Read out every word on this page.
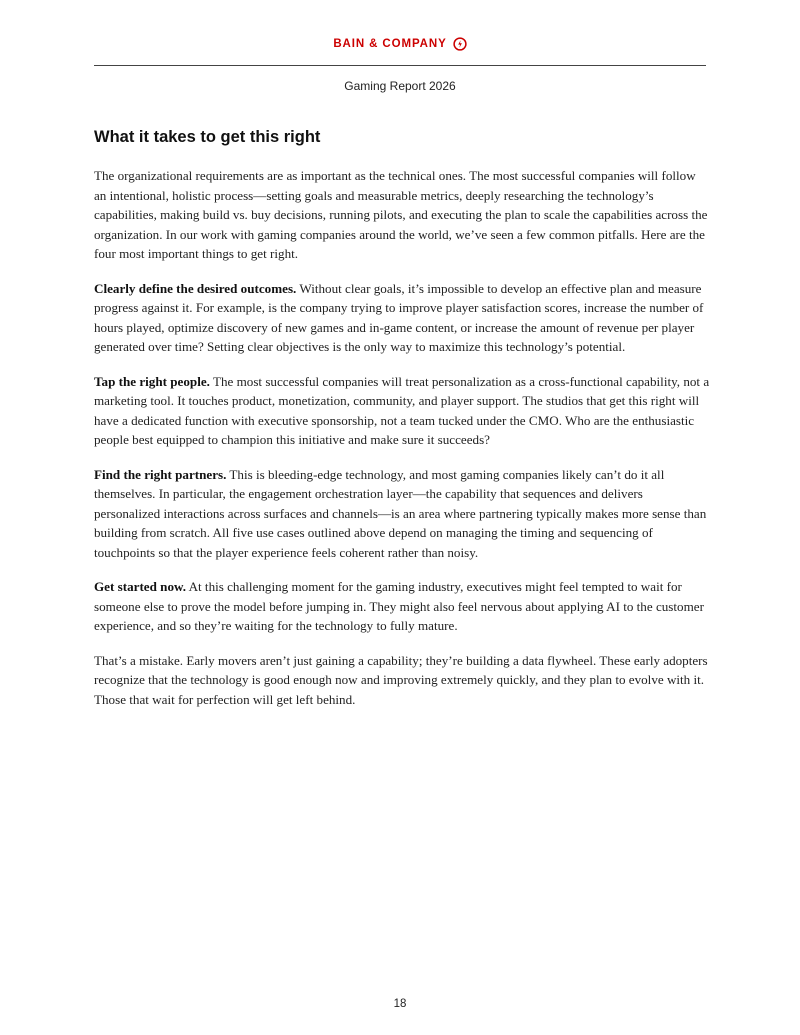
BAIN & COMPANY
Gaming Report 2026
What it takes to get this right

The organizational requirements are as important as the technical ones. The most successful companies will follow an intentional, holistic process—setting goals and measurable metrics, deeply researching the technology’s capabilities, making build vs. buy decisions, running pilots, and executing the plan to scale the capabilities across the organization. In our work with gaming companies around the world, we’ve seen a few common pitfalls. Here are the four most important things to get right.

Clearly define the desired outcomes. Without clear goals, it’s impossible to develop an effective plan and measure progress against it. For example, is the company trying to improve player satisfaction scores, increase the number of hours played, optimize discovery of new games and in-game content, or increase the amount of revenue per player generated over time? Setting clear objectives is the only way to maximize this technology’s potential.

Tap the right people. The most successful companies will treat personalization as a cross-functional capability, not a marketing tool. It touches product, monetization, community, and player support. The studios that get this right will have a dedicated function with executive sponsorship, not a team tucked under the CMO. Who are the enthusiastic people best equipped to champion this initiative and make sure it succeeds?

Find the right partners. This is bleeding-edge technology, and most gaming companies likely can’t do it all themselves. In particular, the engagement orchestration layer—the capability that sequences and delivers personalized interactions across surfaces and channels—is an area where partnering typically makes more sense than building from scratch. All five use cases outlined above depend on managing the timing and sequencing of touchpoints so that the player experience feels coherent rather than noisy.

Get started now. At this challenging moment for the gaming industry, executives might feel tempted to wait for someone else to prove the model before jumping in. They might also feel nervous about applying AI to the customer experience, and so they’re waiting for the technology to fully mature.

That’s a mistake. Early movers aren’t just gaining a capability; they’re building a data flywheel. These early adopters recognize that the technology is good enough now and improving extremely quickly, and they plan to evolve with it. Those that wait for perfection will get left behind.

18
